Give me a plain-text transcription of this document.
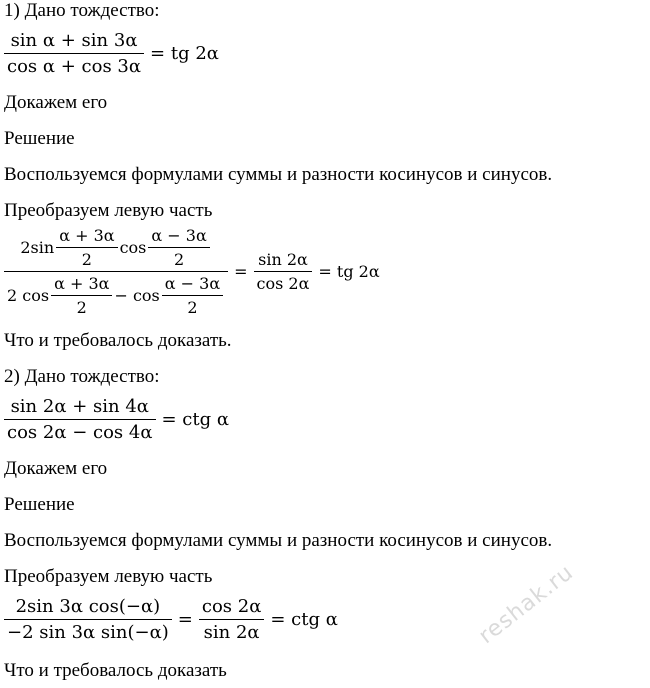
1) Дано тождество:
$\frac{\text{sin α + sin 3α}}{\text{cos α + cos 3α}}$ = tg 2α
Докажем его
Решение
Воспользуемся формулами суммы и разности косинусов и синусов.
Преобразуем левую часть
$2\sin \frac{\alpha + 3\alpha}{2}$ $\cos \frac{\alpha - 3\alpha}{2}$
2 $\cos \frac{\alpha + 3\alpha}{2} - \cos \frac{\alpha - 3\alpha}{2}$
= $\frac{\sin 2\alpha}{\cos 2\alpha}$ = tg 2α
Что и требовалось доказать.
2) Дано тождество:
$\frac{\sin 2\alpha + \sin 4\alpha}{\cos 2\alpha - \cos 4\alpha}$ = ctg α
Докажем его
Решение
Воспользуемся формулами суммы и разности косинусов и синусов.
Преобразуем левую часть
$\frac{\text{2sin 3α cos(−α)}}{\text{−2 sin 3α sin(−α)}} = \frac{\cos 2\alpha}{\sin 2\alpha}$ = ctg α
Что и требовалось доказать
reshak.ru
